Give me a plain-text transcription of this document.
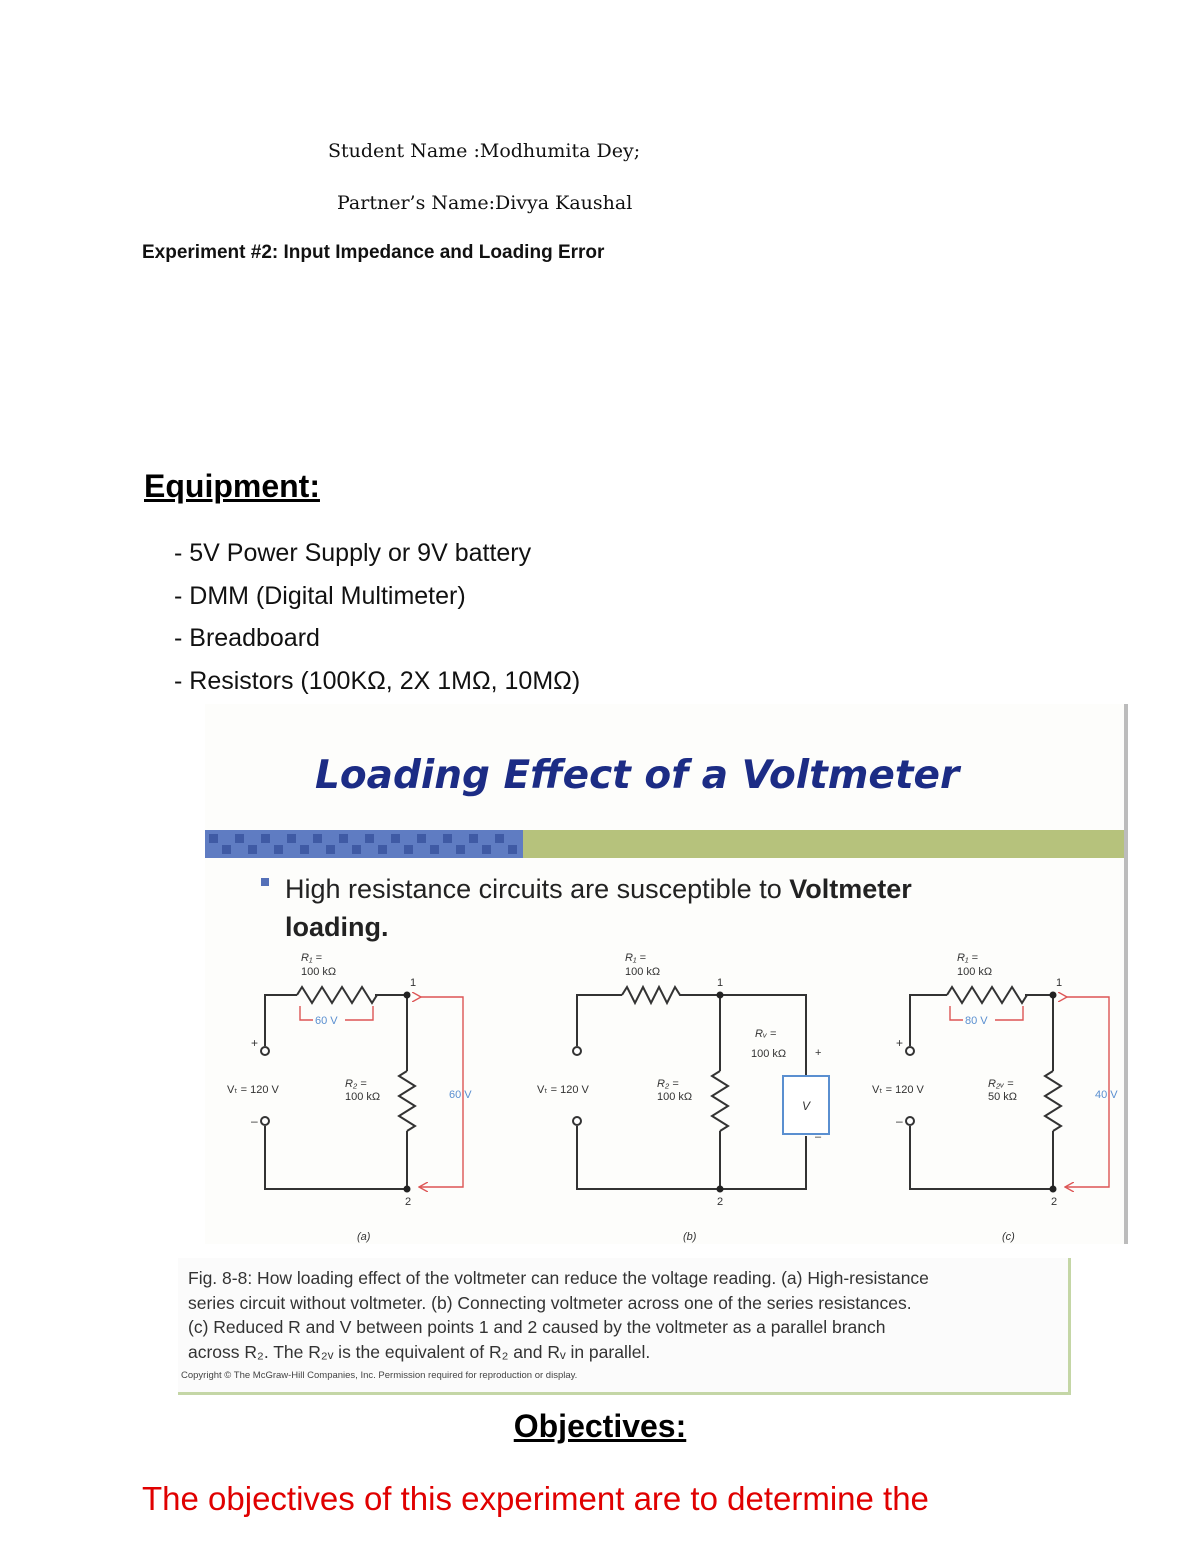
Student Name :Modhumita Dey;
Partner’s Name:Divya Kaushal
Experiment #2: Input Impedance and Loading Error
Equipment:
- 5V Power Supply or 9V battery
- DMM (Digital Multimeter)
- Breadboard
- Resistors (100KΩ, 2X 1MΩ, 10MΩ)
Loading Effect of a Voltmeter
High resistance circuits are susceptible to Voltmeter
loading.
R₁ =
100 kΩ
60 V
Vₜ = 120 V	R₂ =
100 kΩ	60 V
1
2
+
–
(a)
V
R₁ =
100 kΩ
Vₜ = 120 V	R₂ =
100 kΩ
Rᵥ =
100 kΩ
1
2
+
–
(b)
R₁ =
100 kΩ
80 V
Vₜ = 120 V	R₂ᵥ =
50 kΩ	40 V
1
2
+
–
(c)
Fig. 8-8: How loading effect of the voltmeter can reduce the voltage reading. (a) High-resistance
series circuit without voltmeter. (b) Connecting voltmeter across one of the series resistances.
(c) Reduced R and V between points 1 and 2 caused by the voltmeter as a parallel branch
across R₂. The R₂ᵥ is the equivalent of R₂ and Rᵥ in parallel.
Copyright © The McGraw-Hill Companies, Inc. Permission required for reproduction or display.
Objectives:
The objectives of this experiment are to determine the
